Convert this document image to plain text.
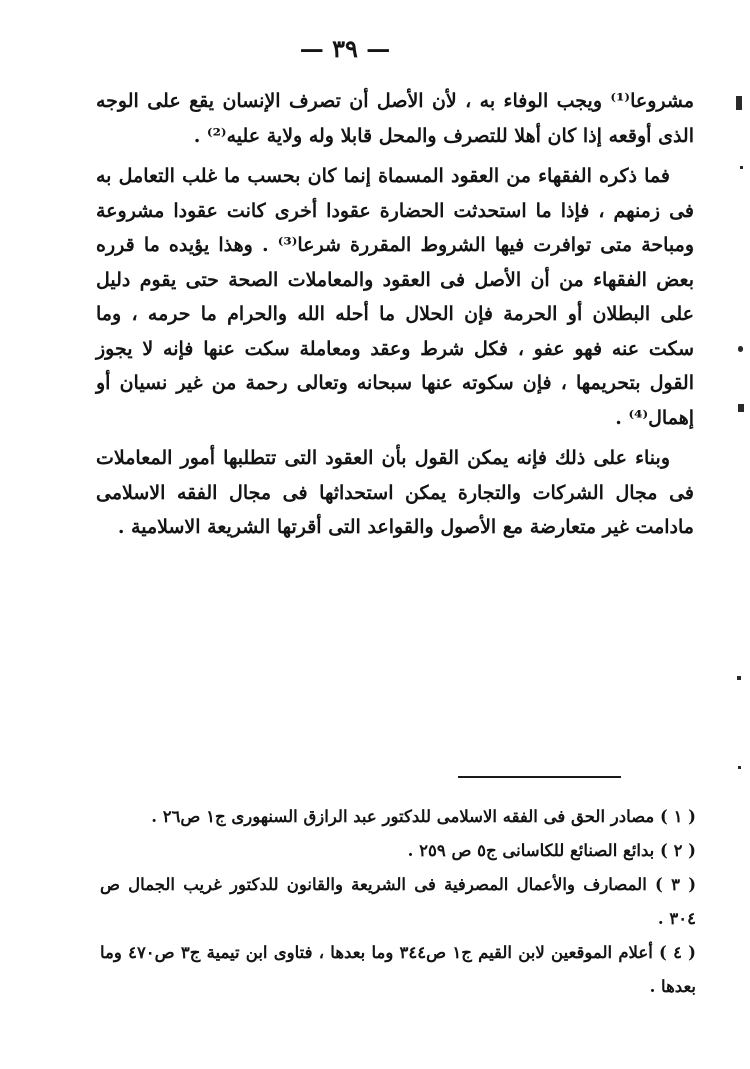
— ٣٩ —

مشروعا⁽¹⁾ ويجب الوفاء به ، لأن الأصل أن تصرف الإنسان يقع على الوجه الذى أوقعه إذا كان أهلا للتصرف والمحل قابلا وله ولاية عليه⁽²⁾ .

فما ذكره الفقهاء من العقود المسماة إنما كان بحسب ما غلب التعامل به فى زمنهم ، فإذا ما استحدثت الحضارة عقودا أخرى كانت عقودا مشروعة ومباحة متى توافرت فيها الشروط المقررة شرعا⁽³⁾ . وهذا يؤيده ما قرره بعض الفقهاء من أن الأصل فى العقود والمعاملات الصحة حتى يقوم دليل على البطلان أو الحرمة فإن الحلال ما أحله الله والحرام ما حرمه ، وما سكت عنه فهو عفو ، فكل شرط وعقد ومعاملة سكت عنها فإنه لا يجوز القول بتحريمها ، فإن سكوته عنها سبحانه وتعالى رحمة من غير نسيان أو إهمال⁽⁴⁾ .

وبناء على ذلك فإنه يمكن القول بأن العقود التى تتطلبها أمور المعاملات فى مجال الشركات والتجارة يمكن استحداثها فى مجال الفقه الاسلامى مادامت غير متعارضة مع الأصول والقواعد التى أقرتها الشريعة الاسلامية .

( ١ ) مصادر الحق فى الفقه الاسلامى للدكتور عبد الرازق السنهورى ج١ ص٢٦ .

( ٢ ) بدائع الصنائع للكاسانى ج٥ ص ٢٥٩ .

( ٣ ) المصارف والأعمال المصرفية فى الشريعة والقانون للدكتور غريب الجمال ص ٣٠٤ .

( ٤ ) أعلام الموقعين لابن القيم ج١ ص٣٤٤ وما بعدها ، فتاوى ابن تيمية ج٣ ص٤٧٠ وما بعدها .
